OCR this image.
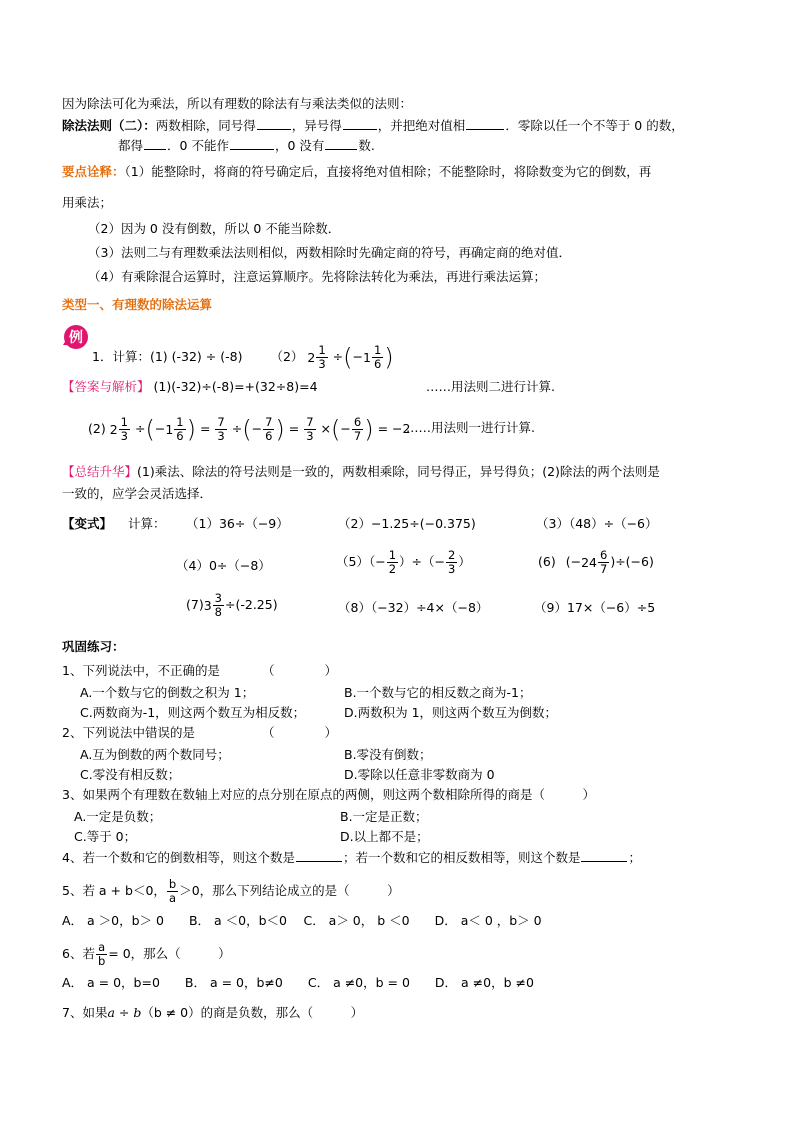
因为除法可化为乘法，所以有理数的除法有与乘法类似的法则：
除法法则（二）：两数相除，同号得	，异号得	，并把绝对值相	．零除以任一个不等于 0 的数，
都得 ．0 不能作	，0 没有	数.
要点诠释：（1）能整除时，将商的符号确定后，直接将绝对值相除；不能整除时，将除数变为它的倒数，再
用乘法；
（2）因为 0 没有倒数，所以 0 不能当除数．
（3）法则二与有理数乘法法则相似，两数相除时先确定商的符号，再确定商的绝对值．
（4）有乘除混合运算时，注意运算顺序。先将除法转化为乘法，再进行乘法运算；
类型一、有理数的除法运算
例
1．计算：(1) (-32) ÷ (-8) （2） $2 \frac{1}{3}$ ÷(− $1 \frac{1}{6}$ )
【答案与解析】 (1)(-32)÷(-8)=+(32÷8)=4	……用法则二进行计算.
(2) $2 \frac{1}{3}$ ÷(− $1 \frac{1}{6}$ ) = $\frac{7}{3}$ ÷(− $\frac{7}{6}$ ) = $\frac{7}{3}$ ×(− $\frac{6}{7}$ ) = −2
……用法则一进行计算.
【总结升华】(1)乘法、除法的符号法则是一致的，两数相乘除，同号得正，异号得负；(2)除法的两个法则是
一致的，应学会灵活选择．
【变式】 计算： （1）36÷（−9）	（2）−1.25÷(−0.375)	（3）（48）÷（−6）
（4）0÷（−8）	$(5)(- \frac{1}{2}$ ）÷（− $\frac{2}{3}$ ）	(6) (− $24 \frac{6}{7} )\div(-6)$
(7) $3 \frac{3}{8} \div(-2.25)$	（8）（−32）÷4×（−8）	（9）17×（−6）÷5
巩固练习：
1、下列说法中，不正确的是	（　　　　）
A.一个数与它的倒数之积为 1；	B.一个数与它的相反数之商为-1；
C.两数商为-1，则这两个数互为相反数；	D.两数积为 1，则这两个数互为倒数；
2、下列说法中错误的是	（　　　　）
A.互为倒数的两个数同号；	B.零没有倒数；
C.零没有相反数；	D.零除以任意非零数商为 0
3、如果两个有理数在数轴上对应的点分别在原点的两侧，则这两个数相除所得的商是（　　　）
A.一定是负数；	B.一定是正数；
C.等于 0；	D.以上都不是；
4、若一个数和它的倒数相等，则这个数是	；若一个数和它的相反数相等，则这个数是	；
5、若 a + b＜0， $\frac{b}{a} >0$，那么下列结论成立的是（　　　）
A． a ＞0，b＞ 0　　B． a ＜0，b＜0　 C． a＞ 0， b ＜0　　D． a＜ 0 ，b＞ 0
6、若 $\frac{a}{b} = 0$，那么（　　　）
A． a = 0，b=0　　B． a = 0，b≠0　　C． a ≠0，b = 0　　D． a ≠0，b ≠0
7、如果a ÷ b（b ≠ 0）的商是负数，那么（　　　）
